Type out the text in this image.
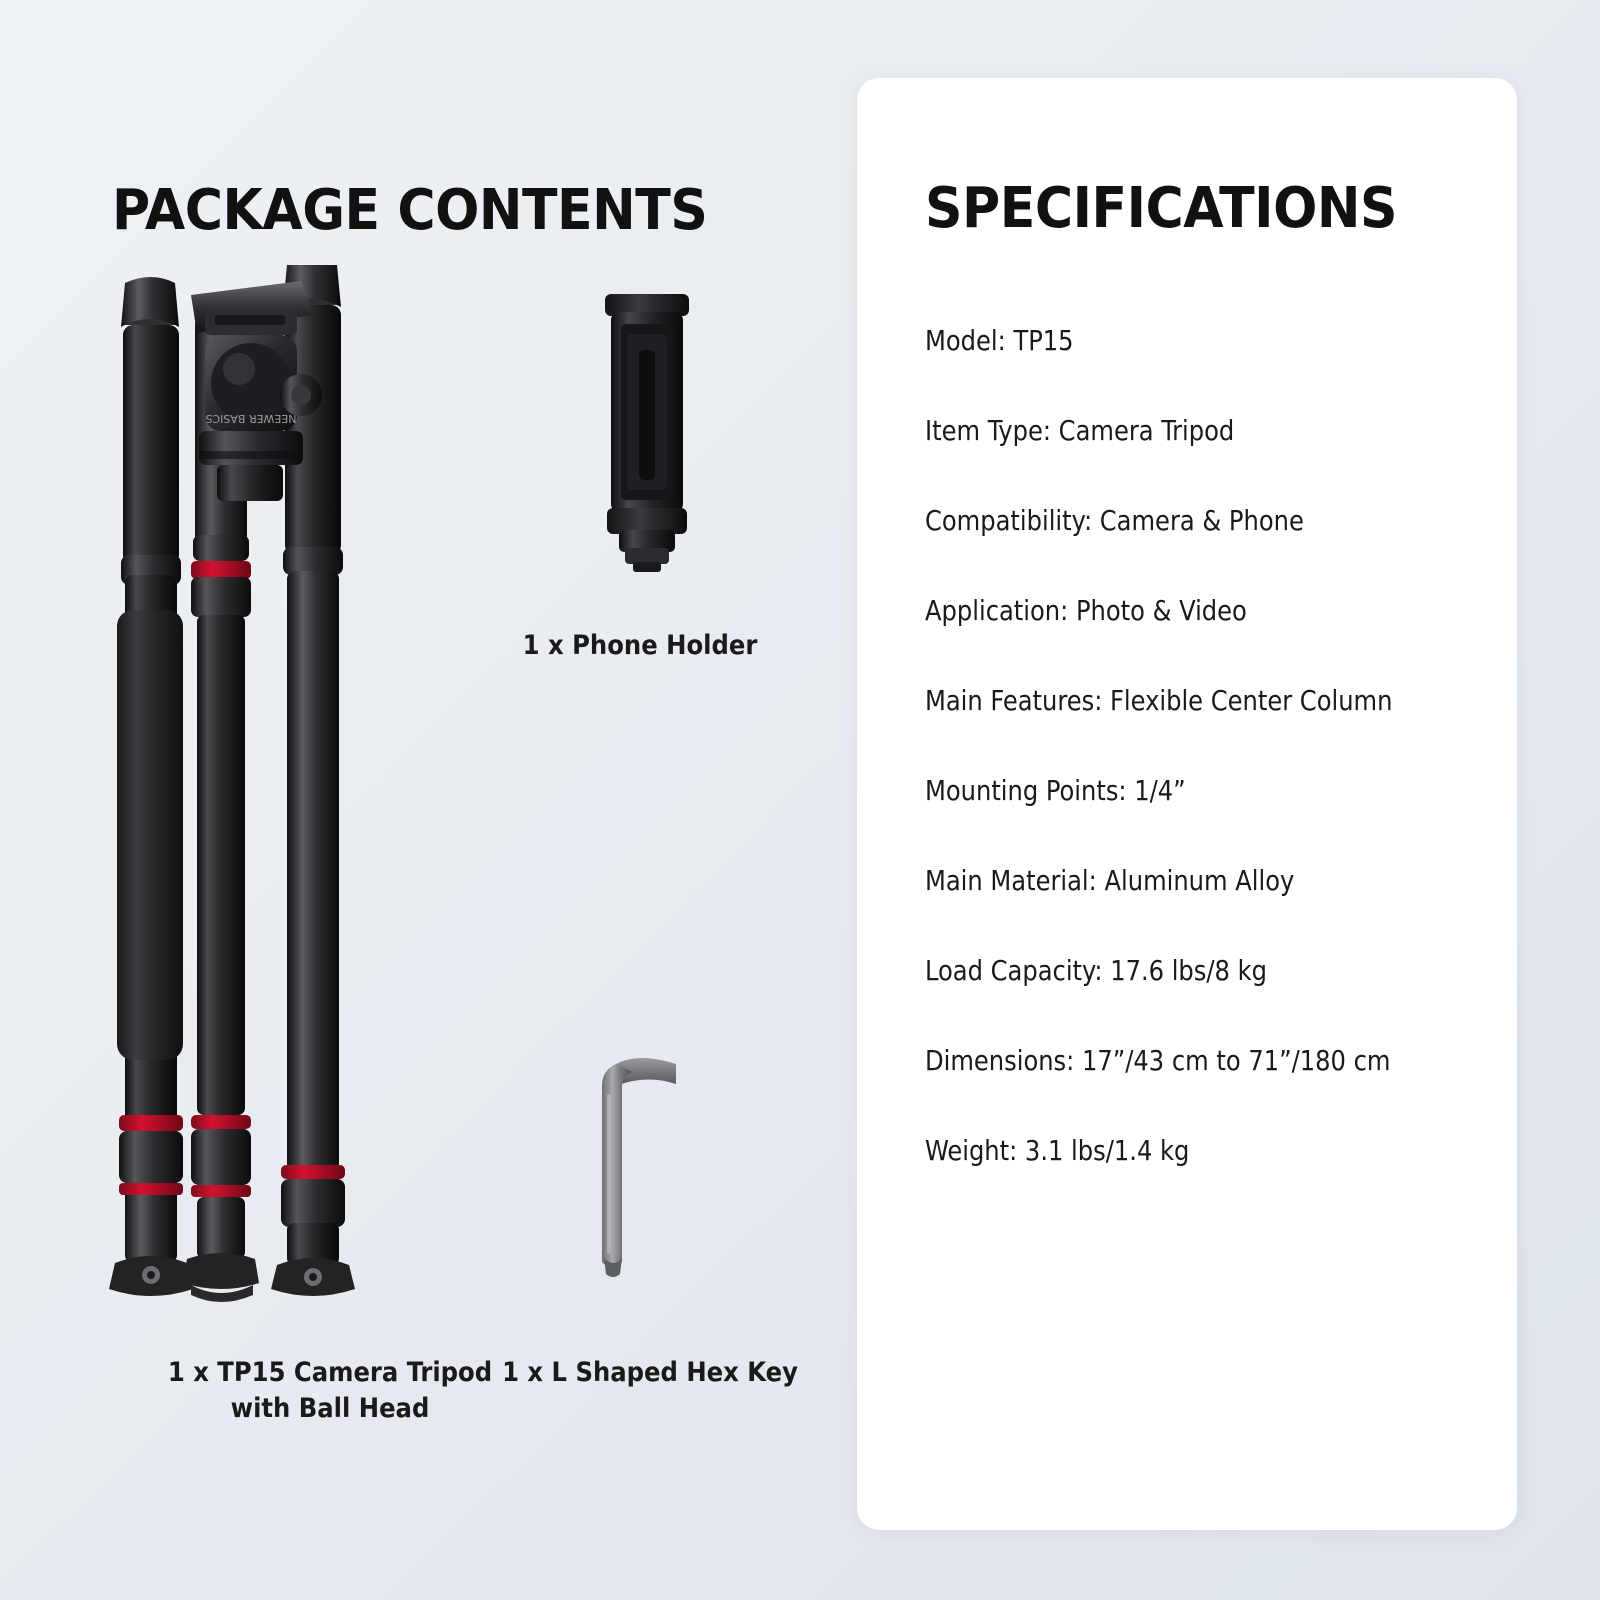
PACKAGE CONTENTS
NEEWER BASICS
1 x TP15 Camera Tripod
with Ball Head
1 x Phone Holder
1 x L Shaped Hex Key
SPECIFICATIONS
Model: TP15
Item Type: Camera Tripod
Compatibility: Camera & Phone
Application: Photo & Video
Main Features: Flexible Center Column
Mounting Points: 1/4”
Main Material: Aluminum Alloy
Load Capacity: 17.6 lbs/8 kg
Dimensions: 17”/43 cm to 71”/180 cm
Weight: 3.1 lbs/1.4 kg
